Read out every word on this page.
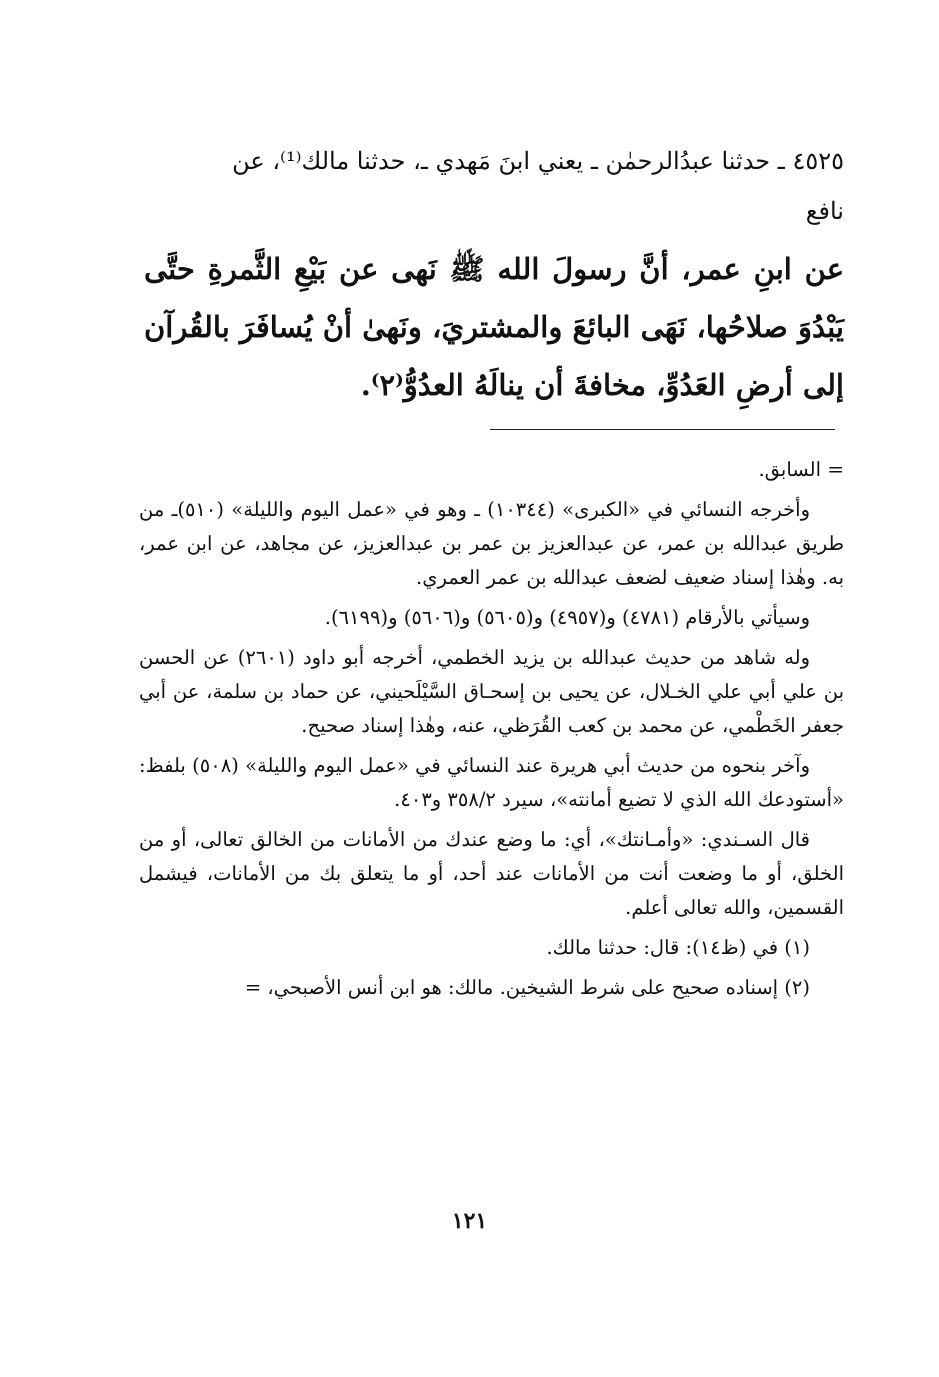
٤٥٢٥ ـ حدثنا عبدُالرحمٰن ـ يعني ابنَ مَهدي ـ، حدثنا مالك⁽¹⁾، عن
نافع
عن ابنِ عمر، أنَّ رسولَ الله ﷺ نَهى عن بَيْعِ الثَّمرةِ حتَّى يَبْدُوَ صلاحُها، نَهَى البائعَ والمشتريَ، ونَهىٰ أنْ يُسافَرَ بالقُرآن إلى أرضِ العَدُوِّ، مخافةَ أن ينالَهُ العدُوُّ⁽٢⁾.
= السابق.

وأخرجه النسائي في «الكبرى» (١٠٣٤٤) ـ وهو في «عمل اليوم والليلة» (٥١٠)ـ من طريق عبدالله بن عمر، عن عبدالعزيز بن عمر بن عبدالعزيز، عن مجاهد، عن ابن عمر، به. وهٰذا إسناد ضعيف لضعف عبدالله بن عمر العمري.

وسيأتي بالأرقام (٤٧٨١) و(٤٩٥٧) و(٥٦٠٥) و(٥٦٠٦) و(٦١٩٩).

وله شاهد من حديث عبدالله بن يزيد الخطمي، أخرجه أبو داود (٢٦٠١) عن الحسن بن علي أبي علي الخـلال، عن يحيى بن إسحـاق السَّيْلَحيني، عن حماد بن سلمة، عن أبي جعفر الخَطْمي، عن محمد بن كعب القُرَظي، عنه، وهٰذا إسناد صحيح.

وآخر بنحوه من حديث أبي هريرة عند النسائي في «عمل اليوم والليلة» (٥٠٨) بلفظ: «أستودعك الله الذي لا تضيع أمانته»، سيرد ٣٥٨/٢ و٤٠٣.

قال السـندي: «وأمـانتك»، أي: ما وضع عندك من الأمانات من الخالق تعالى، أو من الخلق، أو ما وضعت أنت من الأمانات عند أحد، أو ما يتعلق بك من الأمانات، فيشمل القسمين، والله تعالى أعلم.

(١) في (ظ١٤): قال: حدثنا مالك.

(٢) إسناده صحيح على شرط الشيخين. مالك: هو ابن أنس الأصبحي، =

١٢١
